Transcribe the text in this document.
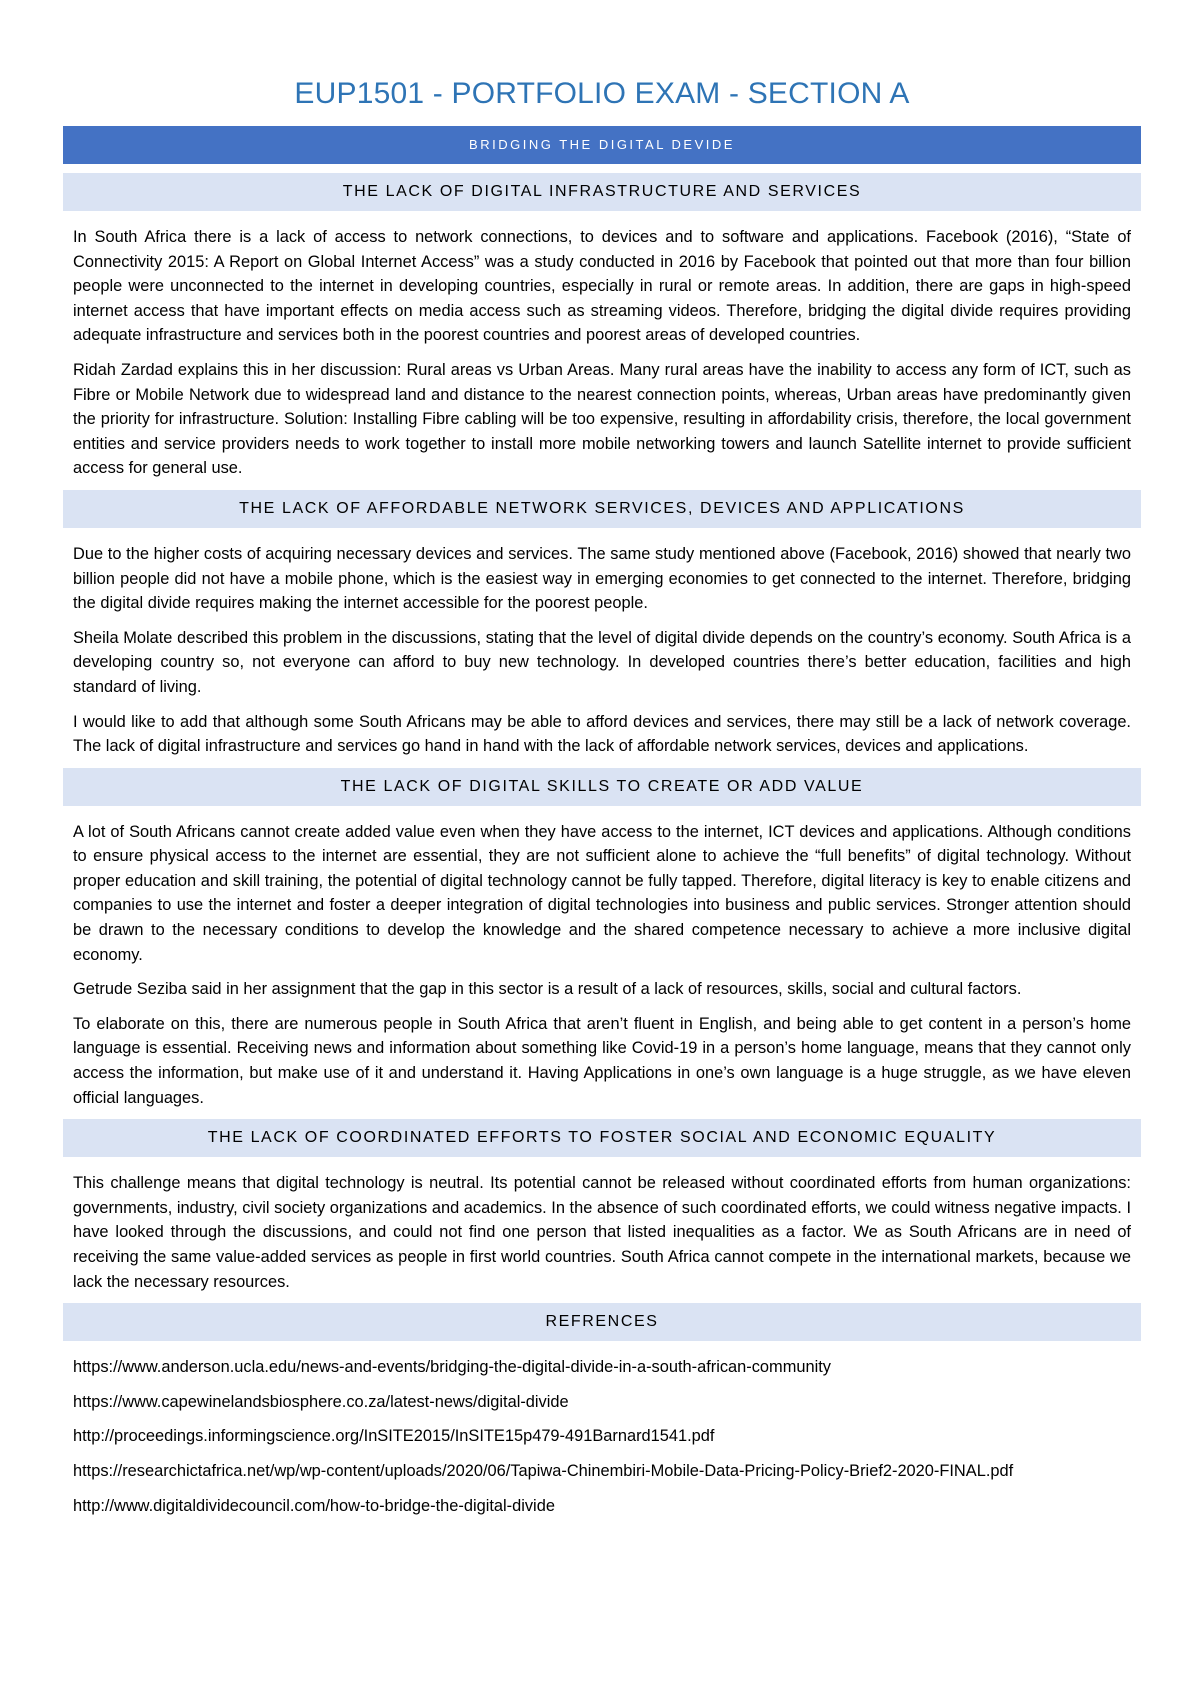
EUP1501 - PORTFOLIO EXAM - SECTION A
BRIDGING THE DIGITAL DEVIDE
THE LACK OF DIGITAL INFRASTRUCTURE AND SERVICES

In South Africa there is a lack of access to network connections, to devices and to software and applications. Facebook (2016), “State of Connectivity 2015: A Report on Global Internet Access” was a study conducted in 2016 by Facebook that pointed out that more than four billion people were unconnected to the internet in developing countries, especially in rural or remote areas. In addition, there are gaps in high-speed internet access that have important effects on media access such as streaming videos. Therefore, bridging the digital divide requires providing adequate infrastructure and services both in the poorest countries and poorest areas of developed countries.

Ridah Zardad explains this in her discussion: Rural areas vs Urban Areas. Many rural areas have the inability to access any form of ICT, such as Fibre or Mobile Network due to widespread land and distance to the nearest connection points, whereas, Urban areas have predominantly given the priority for infrastructure. Solution: Installing Fibre cabling will be too expensive, resulting in affordability crisis, therefore, the local government entities and service providers needs to work together to install more mobile networking towers and launch Satellite internet to provide sufficient access for general use.

THE LACK OF AFFORDABLE NETWORK SERVICES, DEVICES AND APPLICATIONS

Due to the higher costs of acquiring necessary devices and services. The same study mentioned above (Facebook, 2016) showed that nearly two billion people did not have a mobile phone, which is the easiest way in emerging economies to get connected to the internet. Therefore, bridging the digital divide requires making the internet accessible for the poorest people.

Sheila Molate described this problem in the discussions, stating that the level of digital divide depends on the country’s economy. South Africa is a developing country so, not everyone can afford to buy new technology. In developed countries there’s better education, facilities and high standard of living.

I would like to add that although some South Africans may be able to afford devices and services, there may still be a lack of network coverage. The lack of digital infrastructure and services go hand in hand with the lack of affordable network services, devices and applications.

THE LACK OF DIGITAL SKILLS TO CREATE OR ADD VALUE

A lot of South Africans cannot create added value even when they have access to the internet, ICT devices and applications. Although conditions to ensure physical access to the internet are essential, they are not sufficient alone to achieve the “full benefits” of digital technology. Without proper education and skill training, the potential of digital technology cannot be fully tapped. Therefore, digital literacy is key to enable citizens and companies to use the internet and foster a deeper integration of digital technologies into business and public services. Stronger attention should be drawn to the necessary conditions to develop the knowledge and the shared competence necessary to achieve a more inclusive digital economy.

Getrude Seziba said in her assignment that the gap in this sector is a result of a lack of resources, skills, social and cultural factors.

To elaborate on this, there are numerous people in South Africa that aren’t fluent in English, and being able to get content in a person’s home language is essential. Receiving news and information about something like Covid-19 in a person’s home language, means that they cannot only access the information, but make use of it and understand it. Having Applications in one’s own language is a huge struggle, as we have eleven official languages.

THE LACK OF COORDINATED EFFORTS TO FOSTER SOCIAL AND ECONOMIC EQUALITY

This challenge means that digital technology is neutral. Its potential cannot be released without coordinated efforts from human organizations: governments, industry, civil society organizations and academics. In the absence of such coordinated efforts, we could witness negative impacts. I have looked through the discussions, and could not find one person that listed inequalities as a factor. We as South Africans are in need of receiving the same value-added services as people in first world countries. South Africa cannot compete in the international markets, because we lack the necessary resources.

REFRENCES

https://www.anderson.ucla.edu/news-and-events/bridging-the-digital-divide-in-a-south-african-community

https://www.capewinelandsbiosphere.co.za/latest-news/digital-divide

http://proceedings.informingscience.org/InSITE2015/InSITE15p479-491Barnard1541.pdf

https://researchictafrica.net/wp/wp-content/uploads/2020/06/Tapiwa-Chinembiri-Mobile-Data-Pricing-Policy-Brief2-2020-FINAL.pdf

http://www.digitaldividecouncil.com/how-to-bridge-the-digital-divide
